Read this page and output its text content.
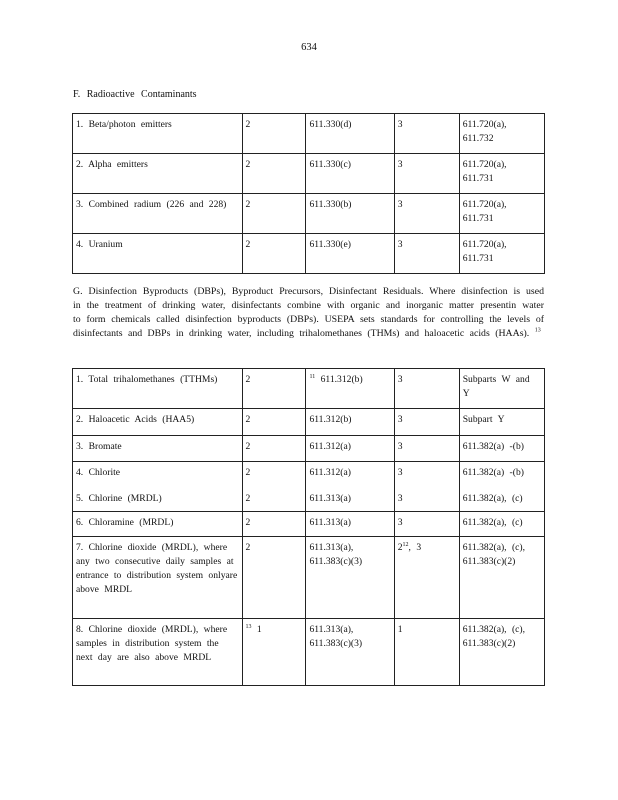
634
F. Radioactive Contaminants
1. Beta/photon emitters	2	611.330(d)	3	611.720(a), 611.732
2. Alpha emitters	2	611.330(c)	3	611.720(a), 611.731
3. Combined radium (226 and 228)	2	611.330(b)	3	611.720(a), 611.731
4. Uranium	2	611.330(e)	3	611.720(a), 611.731
G. Disinfection Byproducts (DBPs), Byproduct Precursors, Disinfectant Residuals. Where disinfection is used in the treatment of drinking water, disinfectants combine with organic and inorganic matter presentin water to form chemicals called disinfection byproducts (DBPs). USEPA sets standards for controlling the levels of disinfectants and DBPs in drinking water, including trihalomethanes (THMs) and haloacetic acids (HAAs). $^{13}$
1. Total trihalomethanes (TTHMs)	2	$^{11}$ 611.312(b)	3	Subparts W and Y
2. Haloacetic Acids (HAA5)	2	611.312(b)	3	Subpart Y
3. Bromate	2	611.312(a)	3	611.382(a) -(b)
4. Chlorite	2	611.312(a)	3	611.382(a) -(b)
5. Chlorine (MRDL)	2	611.313(a)	3	611.382(a), (c)
6. Chloramine (MRDL)	2	611.313(a)	3	611.382(a), (c)
7. Chlorine dioxide (MRDL), where any two consecutive daily samples at entrance to distribution system onlyare above MRDL	2	611.313(a), 611.383(c)(3)	$2^{12}$, 3	611.382(a), (c), 611.383(c)(2)
8. Chlorine dioxide (MRDL), where samples in distribution system the next day are also above MRDL	$^{13}$ 1	611.313(a), 611.383(c)(3)	1	611.382(a), (c), 611.383(c)(2)
